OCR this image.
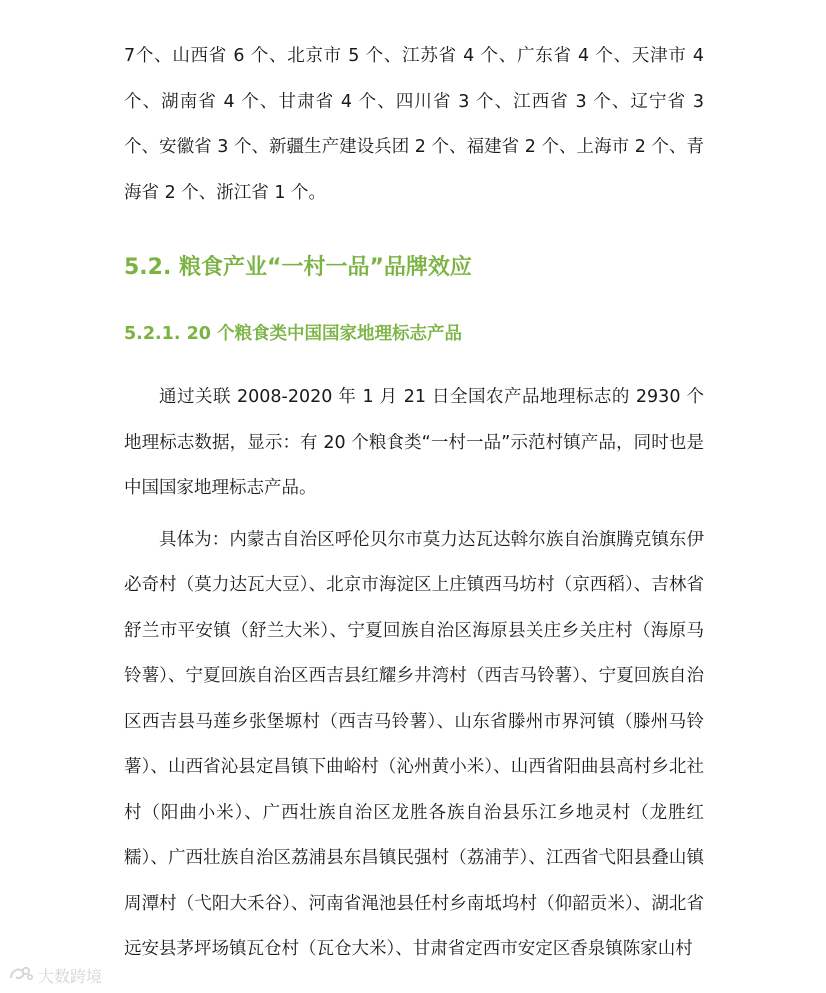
7个、山西省 6 个、北京市 5 个、江苏省 4 个、广东省 4 个、天津市 4 个、湖南省 4 个、甘肃省 4 个、四川省 3 个、江西省 3 个、辽宁省 3 个、安徽省 3 个、新疆生产建设兵团 2 个、福建省 2 个、上海市 2 个、青海省 2 个、浙江省 1 个。

5.2. 粮食产业“一村一品”品牌效应
5.2.1. 20 个粮食类中国国家地理标志产品

通过关联 2008-2020 年 1 月 21 日全国农产品地理标志的 2930 个地理标志数据，显示：有 20 个粮食类“一村一品”示范村镇产品，同时也是中国国家地理标志产品。

具体为：内蒙古自治区呼伦贝尔市莫力达瓦达斡尔族自治旗腾克镇东伊必奇村（莫力达瓦大豆）、北京市海淀区上庄镇西马坊村（京西稻）、吉林省舒兰市平安镇（舒兰大米）、宁夏回族自治区海原县关庄乡关庄村（海原马铃薯）、宁夏回族自治区西吉县红耀乡井湾村（西吉马铃薯）、宁夏回族自治区西吉县马莲乡张堡塬村（西吉马铃薯）、山东省滕州市界河镇（滕州马铃薯）、山西省沁县定昌镇下曲峪村（沁州黄小米）、山西省阳曲县高村乡北社村（阳曲小米）、广西壮族自治区龙胜各族自治县乐江乡地灵村（龙胜红糯）、广西壮族自治区荔浦县东昌镇民强村（荔浦芋）、江西省弋阳县叠山镇周潭村（弋阳大禾谷）、河南省渑池县任村乡南坻坞村（仰韶贡米）、湖北省远安县茅坪场镇瓦仓村（瓦仓大米）、甘肃省定西市安定区香泉镇陈家山村

大数跨境
